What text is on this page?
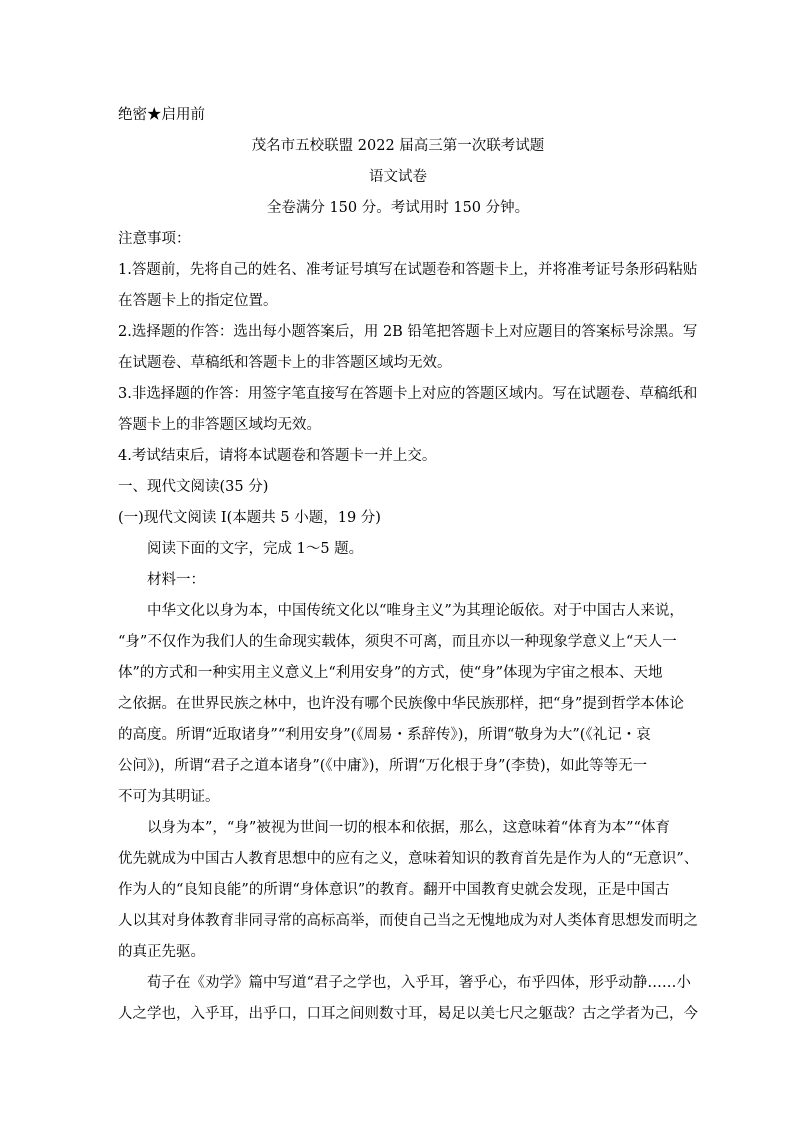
绝密★启用前
茂名市五校联盟 2022 届高三第一次联考试题
语文试卷
全卷满分 150 分。考试用时 150 分钟。
注意事项：
1.答题前，先将自己的姓名、准考证号填写在试题卷和答题卡上，并将准考证号条形码粘贴
在答题卡上的指定位置。
2.选择题的作答：选出每小题答案后，用 2B 铅笔把答题卡上对应题目的答案标号涂黑。写
在试题卷、草稿纸和答题卡上的非答题区域均无效。
3.非选择题的作答：用签字笔直接写在答题卡上对应的答题区域内。写在试题卷、草稿纸和
答题卡上的非答题区域均无效。
4.考试结束后，请将本试题卷和答题卡一并上交。
一、现代文阅读(35 分)
(一)现代文阅读 I(本题共 5 小题，19 分)
阅读下面的文字，完成 1～5 题。
材料一：
中华文化以身为本，中国传统文化以“唯身主义”为其理论皈依。对于中国古人来说，
“身”不仅作为我们人的生命现实载体，须臾不可离，而且亦以一种现象学意义上“天人一
体”的方式和一种实用主义意义上“利用安身”的方式，使“身”体现为宇宙之根本、天地
之依据。在世界民族之林中，也许没有哪个民族像中华民族那样，把“身”提到哲学本体论
的高度。所谓“近取诸身”“利用安身”(《周易・系辞传》)，所谓“敬身为大”(《礼记・哀
公问》)，所谓“君子之道本诸身”(《中庸》)，所谓“万化根于身”(李贽)，如此等等无一
不可为其明证。
以身为本”，“身”被视为世间一切的根本和依据，那么，这意味着“体育为本”“体育
优先就成为中国古人教育思想中的应有之义，意味着知识的教育首先是作为人的“无意识”、
作为人的“良知良能”的所谓“身体意识”的教育。翻开中国教育史就会发现，正是中国古
人以其对身体教育非同寻常的高标高举，而使自己当之无愧地成为对人类体育思想发而明之
的真正先驱。
荀子在《劝学》篇中写道“君子之学也，入乎耳，箸乎心，布乎四体，形乎动静……小
人之学也，入乎耳，出乎口，口耳之间则数寸耳，曷足以美七尺之躯哉？古之学者为己，今
